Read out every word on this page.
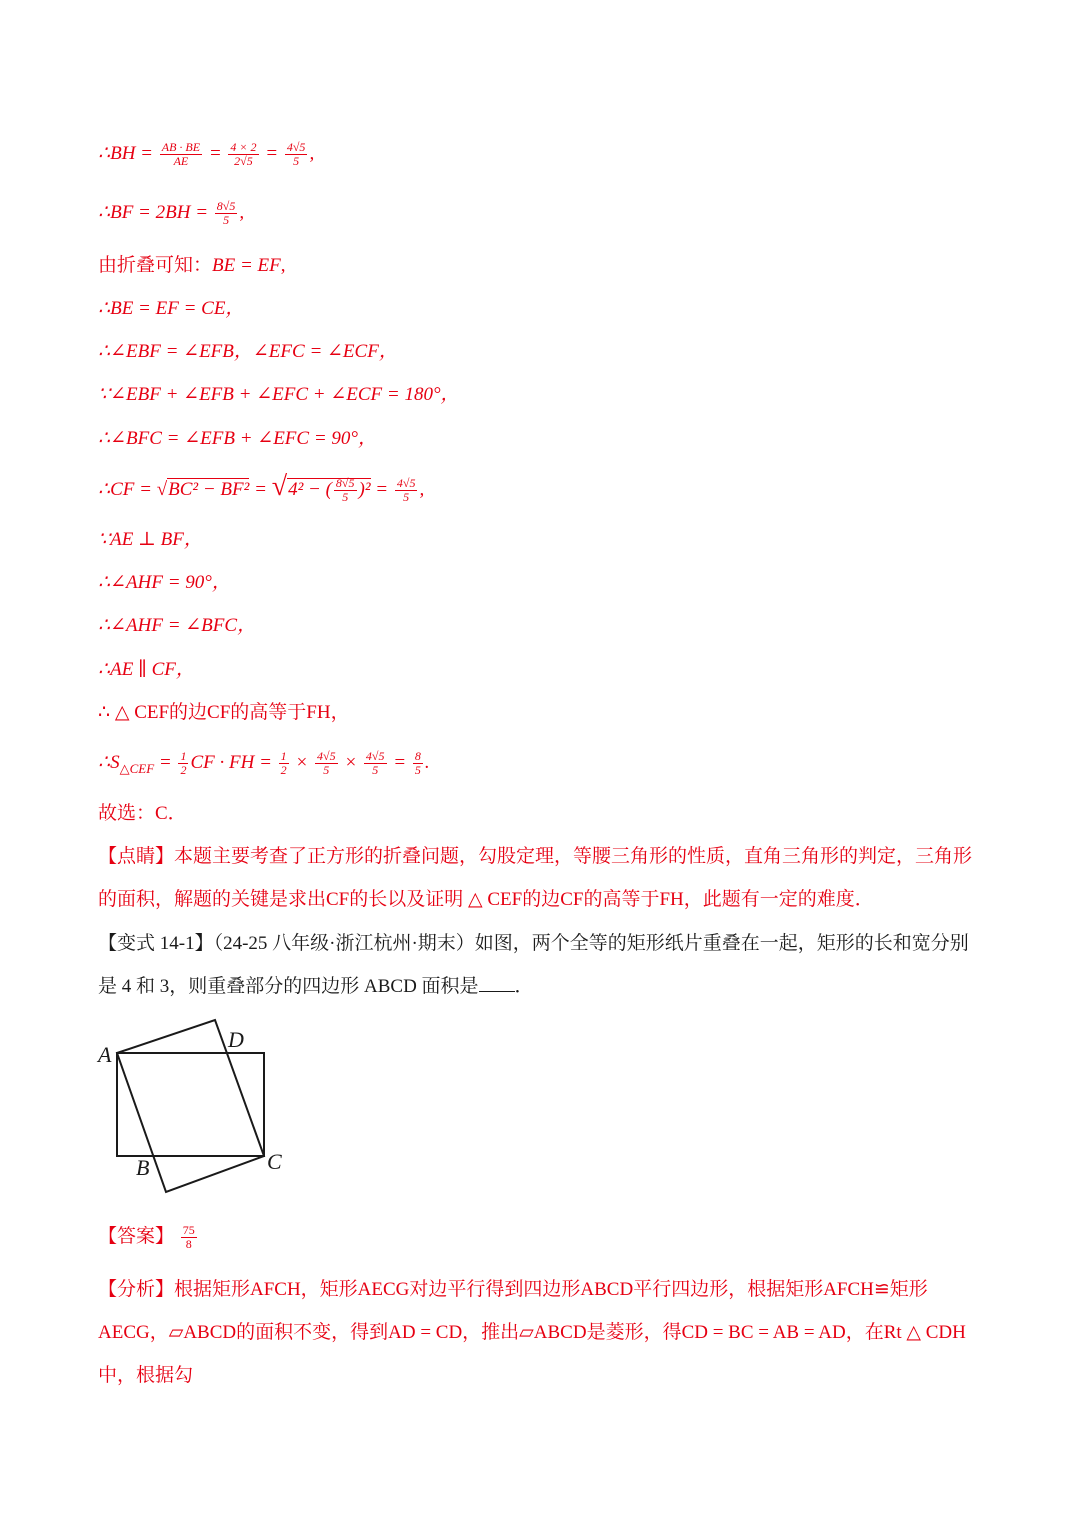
∴BH = $\frac{AB \cdot BE}{AE} = \frac{4 \times 2}{2√5} = \frac{4√5}{5}$ ,
∴BF = $2BH = \frac{8√5}{5}$ ,
由折叠可知：BE = EF,
∴BE = EF = CE，
∴∠EBF = ∠EFB，∠EFC = ∠ECF，
∵∠EBF + ∠EFB + ∠EFC + ∠ECF = 180°，
∴∠BFC = ∠EFB + ∠EFC = 90°，
∴CF = √BC² − BF² = √4² − ( $\frac{8√5}{5} )^2 = \frac{4√5}{5}$ ,
∵AE ⊥ BF，
∴∠AHF = 90°，
∴∠AHF = ∠BFC，
∴AE ∥ CF，
∴ △ CEF的边CF的高等于FH，
$\therefore S_{\triangle CEF} = \frac{1}{2}$ CF · FH = $\frac{1}{2} \times \frac{4√5}{5} \times \frac{4√5}{5} = \frac{8}{5}$ .
故选：C．
【点睛】本题主要考查了正方形的折叠问题，勾股定理，等腰三角形的性质，直角三角形的判定，三角形的面积，解题的关键是求出CF的长以及证明 △ CEF的边CF的高等于FH，此题有一定的难度．
【变式 14-1】（24-25 八年级·浙江杭州·期末）如图，两个全等的矩形纸片重叠在一起，矩形的长和宽分别是 4 和 3，则重叠部分的四边形 ABCD 面积是 ．
A
D
B	C
【答案】 $\frac{75}{8}$
【分析】根据矩形AFCH，矩形AECG对边平行得到四边形ABCD平行四边形，根据矩形AFCH≌矩形AECG，▱ABCD的面积不变，得到AD = CD，推出▱ABCD是菱形，得CD = BC = AB = AD，在Rt △ CDH中，根据勾
